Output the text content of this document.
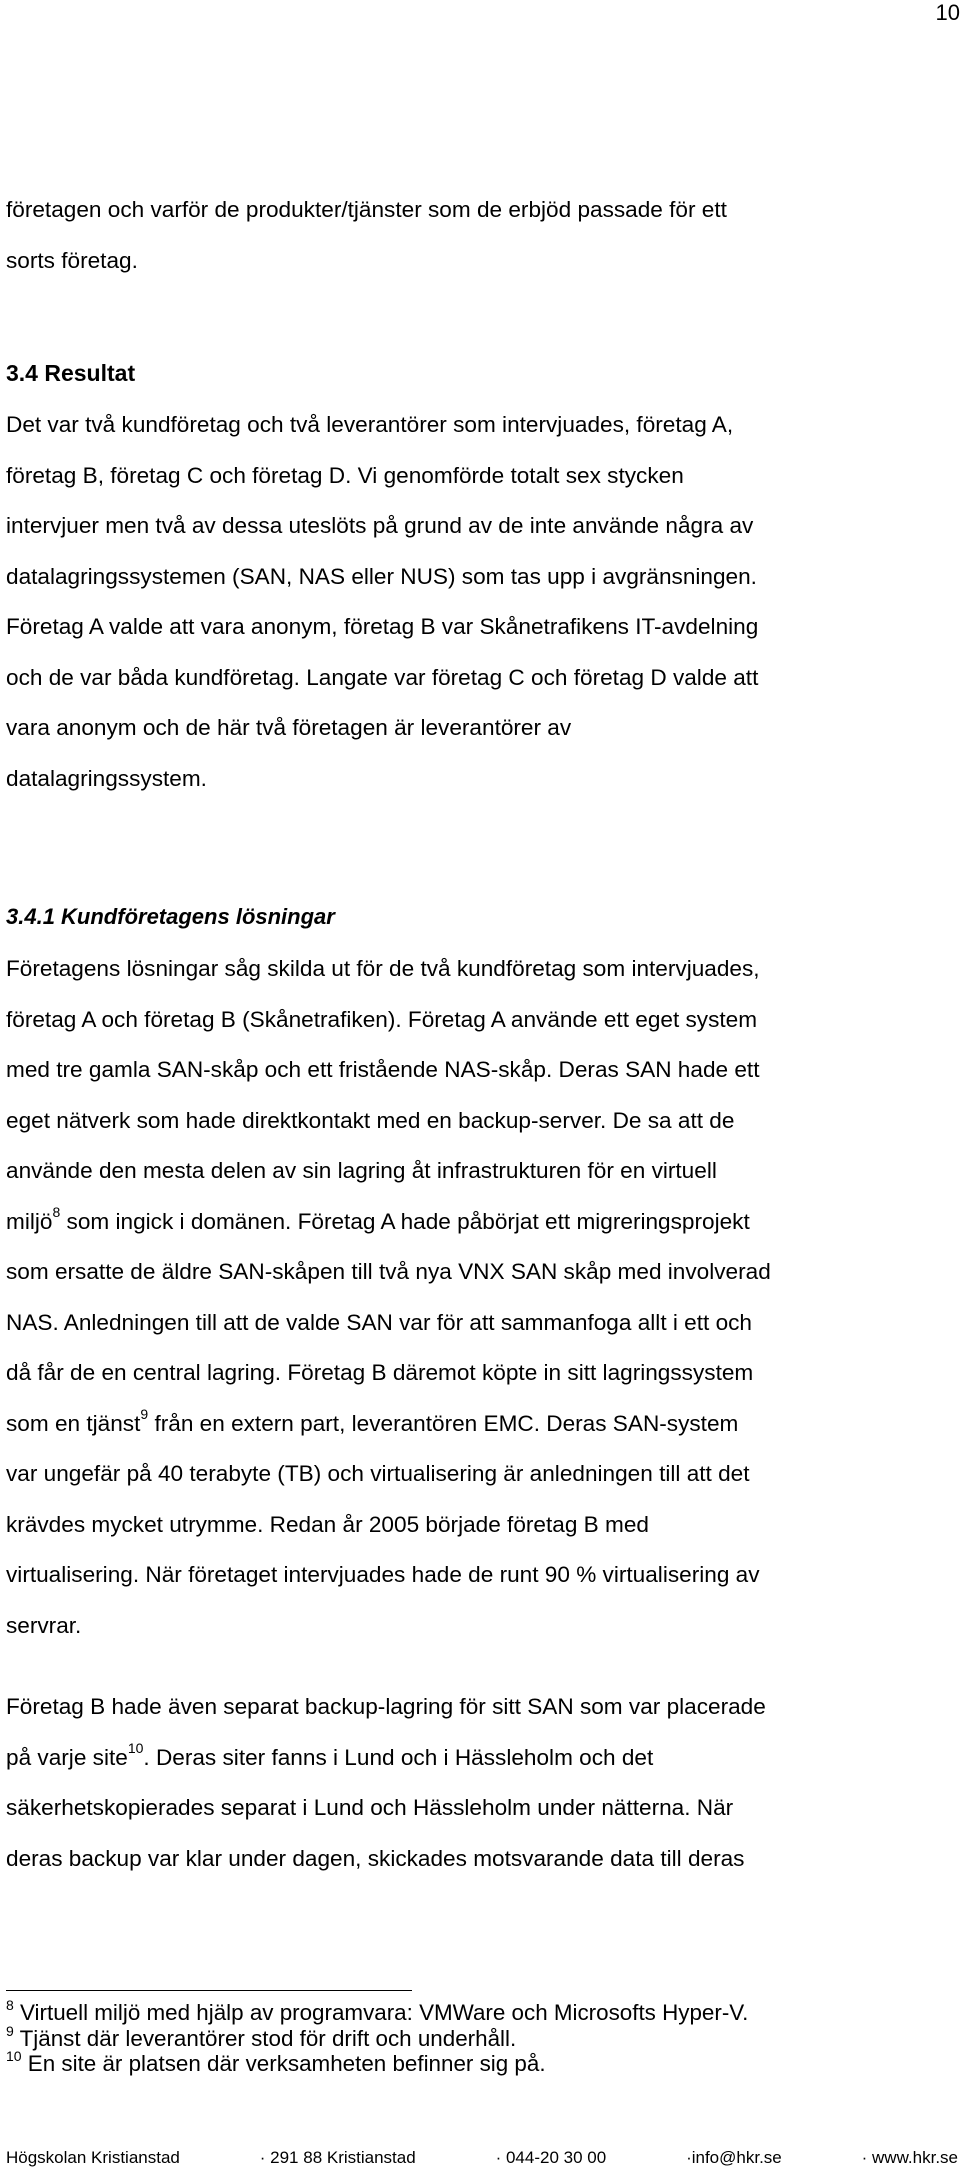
10

företagen och varför de produkter/tjänster som de erbjöd passade för ett

sorts företag.

3.4 Resultat

Det var två kundföretag och två leverantörer som intervjuades, företag A,

företag B, företag C och företag D. Vi genomförde totalt sex stycken

intervjuer men två av dessa uteslöts på grund av de inte använde några av

datalagringssystemen (SAN, NAS eller NUS) som tas upp i avgränsningen.

Företag A valde att vara anonym, företag B var Skånetrafikens IT-avdelning

och de var båda kundföretag. Langate var företag C och företag D valde att

vara anonym och de här två företagen är leverantörer av

datalagringssystem.

3.4.1 Kundföretagens lösningar

Företagens lösningar såg skilda ut för de två kundföretag som intervjuades,

företag A och företag B (Skånetrafiken). Företag A använde ett eget system

med tre gamla SAN-skåp och ett fristående NAS-skåp. Deras SAN hade ett

eget nätverk som hade direktkontakt med en backup-server. De sa att de

använde den mesta delen av sin lagring åt infrastrukturen för en virtuell

miljö$^8$ som ingick i domänen. Företag A hade påbörjat ett migreringsprojekt

som ersatte de äldre SAN-skåpen till två nya VNX SAN skåp med involverad

NAS. Anledningen till att de valde SAN var för att sammanfoga allt i ett och

då får de en central lagring. Företag B däremot köpte in sitt lagringssystem

som en tjänst$^9$ från en extern part, leverantören EMC. Deras SAN-system

var ungefär på 40 terabyte (TB) och virtualisering är anledningen till att det

krävdes mycket utrymme. Redan år 2005 började företag B med

virtualisering. När företaget intervjuades hade de runt 90 % virtualisering av

servrar.

Företag B hade även separat backup-lagring för sitt SAN som var placerade

på varje site$^{10}$. Deras siter fanns i Lund och i Hässleholm och det

säkerhetskopierades separat i Lund och Hässleholm under nätterna. När

deras backup var klar under dagen, skickades motsvarande data till deras

$^8$ Virtuell miljö med hjälp av programvara: VMWare och Microsofts Hyper-V.
$^9$ Tjänst där leverantörer stod för drift och underhåll.
$^{10}$ En site är platsen där verksamheten befinner sig på.
Högskolan Kristianstad	· 291 88 Kristianstad	· 044-20 30 00	·info@hkr.se	· www.hkr.se
